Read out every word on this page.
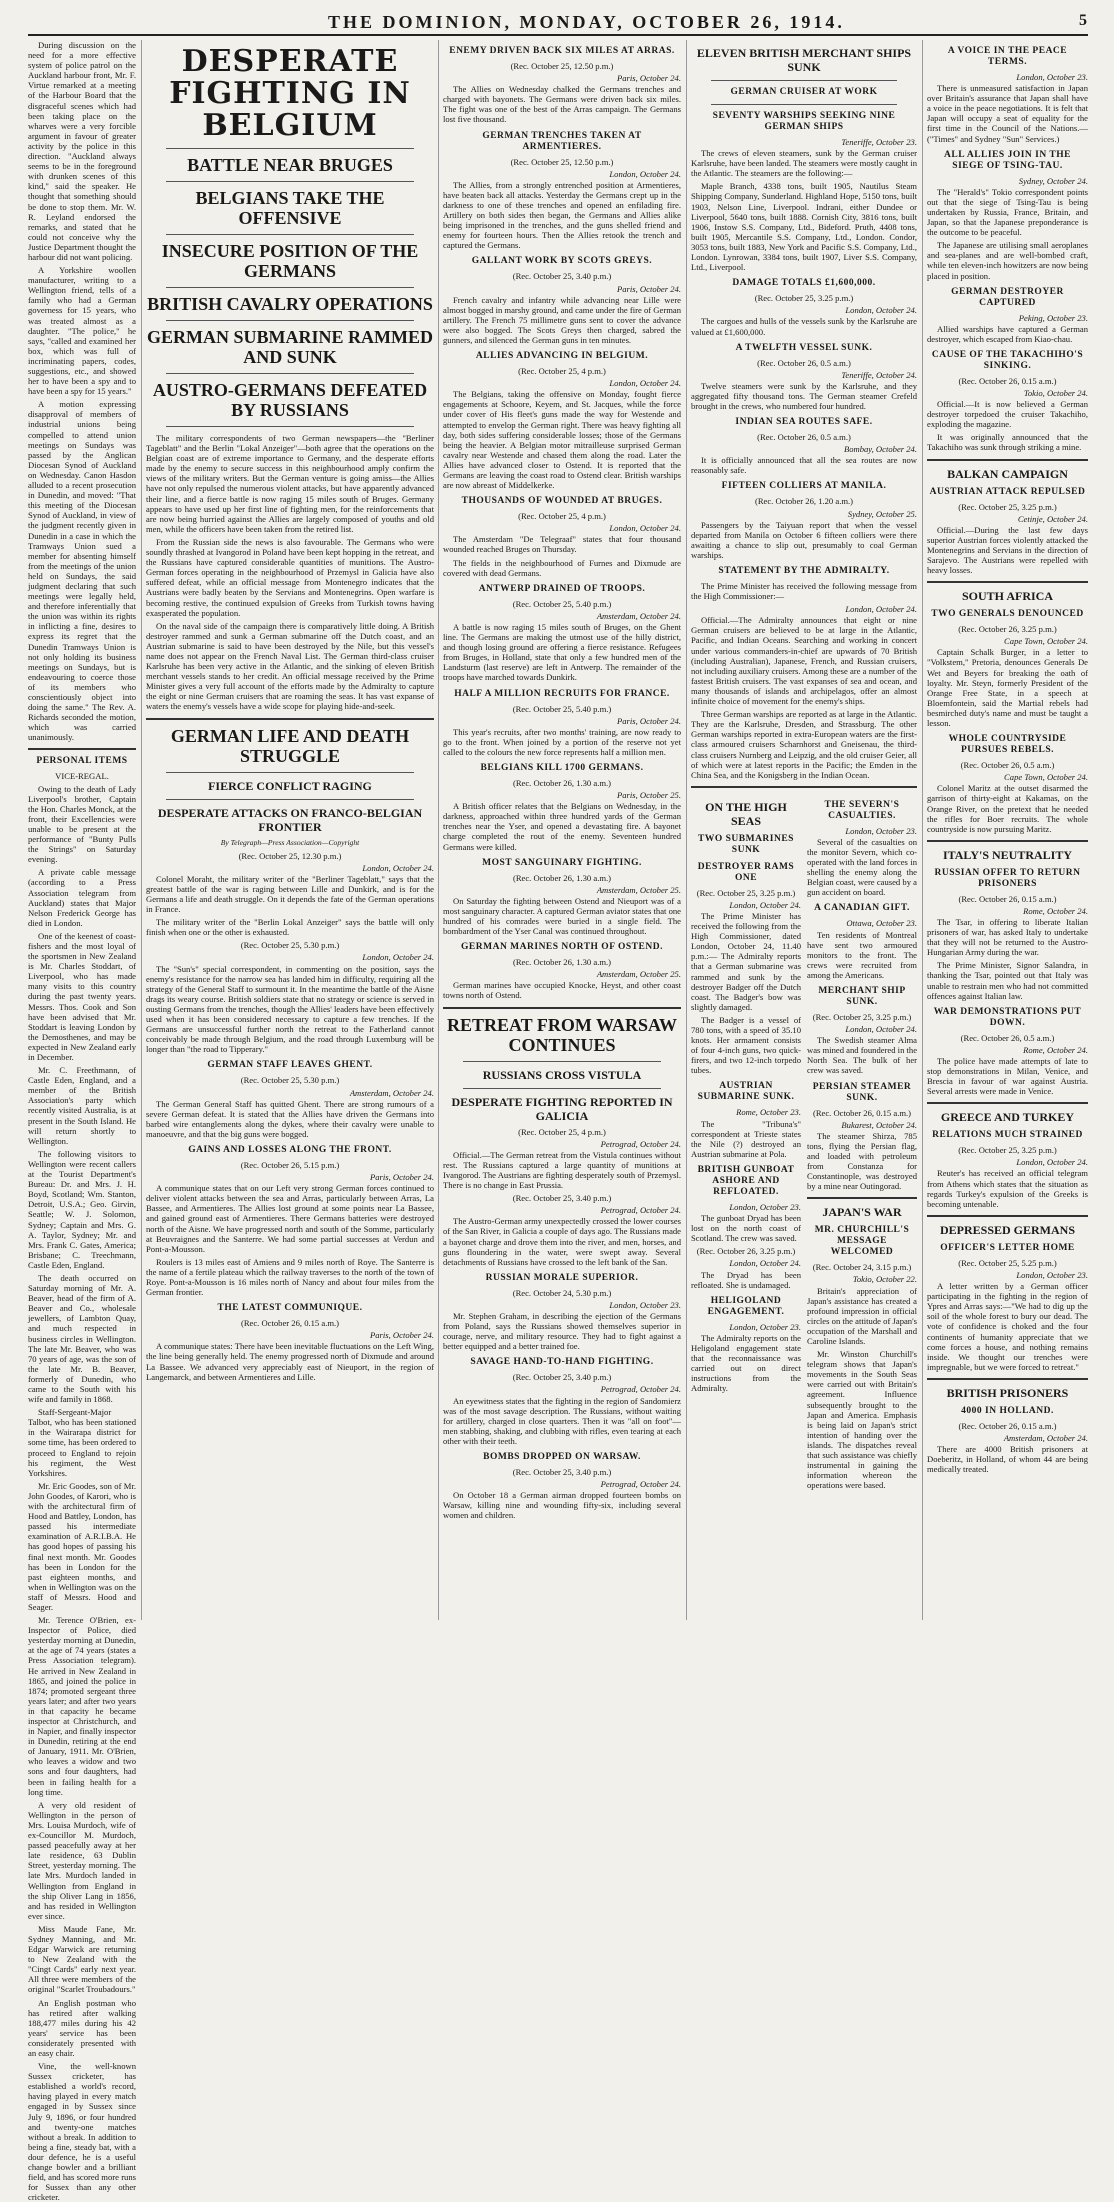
THE DOMINION, MONDAY, OCTOBER 26, 1914.	5

During discussion on the need for a more effective system of police patrol on the Auckland harbour front, Mr. F. Virtue remarked at a meeting of the Harbour Board that the disgraceful scenes which had been taking place on the wharves were a very forcible argument in favour of greater activity by the police in this direction. "Auckland always seems to be in the foreground with drunken scenes of this kind," said the speaker. He thought that something should be done to stop them. Mr. W. R. Leyland endorsed the remarks, and stated that he could not conceive why the Justice Department thought the harbour did not want policing.

A Yorkshire woollen manufacturer, writing to a Wellington friend, tells of a family who had a German governess for 15 years, who was treated almost as a daughter. "The police," he says, "called and examined her box, which was full of incriminating papers, codes, suggestions, etc., and showed her to have been a spy and to have been a spy for 15 years."

A motion expressing disapproval of members of industrial unions being compelled to attend union meetings on Sundays was passed by the Anglican Diocesan Synod of Auckland on Wednesday. Canon Hasdon alluded to a recent prosecution in Dunedin, and moved: "That this meeting of the Diocesan Synod of Auckland, in view of the judgment recently given in Dunedin in a case in which the Tramways Union sued a member for absenting himself from the meetings of the union held on Sundays, the said judgment declaring that such meetings were legally held, and therefore inferentially that the union was within its rights in inflicting a fine, desires to express its regret that the Dunedin Tramways Union is not only holding its business meetings on Sundays, but is endeavouring to coerce those of its members who conscientiously object into doing the same." The Rev. A. Richards seconded the motion, which was carried unanimously.

PERSONAL ITEMS
VICE-REGAL.

Owing to the death of Lady Liverpool's brother, Captain the Hon. Charles Monck, at the front, their Excellencies were unable to be present at the performance of "Bunty Pulls the Strings" on Saturday evening.

A private cable message (according to a Press Association telegram from Auckland) states that Major Nelson Frederick George has died in London.

One of the keenest of coast-fishers and the most loyal of the sportsmen in New Zealand is Mr. Charles Stoddart, of Liverpool, who has made many visits to this country during the past twenty years. Messrs. Thos. Cook and Son have been advised that Mr. Stoddart is leaving London by the Demosthenes, and may be expected in New Zealand early in December.

Mr. C. Freethmann, of Castle Eden, England, and a member of the British Association's party which recently visited Australia, is at present in the South Island. He will return shortly to Wellington.

The following visitors to Wellington were recent callers at the Tourist Department's Bureau: Dr. and Mrs. J. H. Boyd, Scotland; Wm. Stanton, Detroit, U.S.A.; Geo. Girvin, Seattle; W. J. Solomon, Sydney; Captain and Mrs. G. A. Taylor, Sydney; Mr. and Mrs. Frank C. Gates, America; Brisbane; C. Treechmann, Castle Eden, England.

The death occurred on Saturday morning of Mr. A. Beaver, head of the firm of A. Beaver and Co., wholesale jewellers, of Lambton Quay, and much respected in business circles in Wellington. The late Mr. Beaver, who was 70 years of age, was the son of the late Mr. B. Beaver, formerly of Dunedin, who came to the South with his wife and family in 1868.

Staff-Sergeant-Major Talbot, who has been stationed in the Wairarapa district for some time, has been ordered to proceed to England to rejoin his regiment, the West Yorkshires.

Mr. Eric Goodes, son of Mr. John Goodes, of Karori, who is with the architectural firm of Hood and Battley, London, has passed his intermediate examination of A.R.I.B.A. He has good hopes of passing his final next month. Mr. Goodes has been in London for the past eighteen months, and when in Wellington was on the staff of Messrs. Hood and Seager.

Mr. Terence O'Brien, ex-Inspector of Police, died yesterday morning at Dunedin, at the age of 74 years (states a Press Association telegram). He arrived in New Zealand in 1865, and joined the police in 1874; promoted sergeant three years later; and after two years in that capacity he became inspector at Christchurch, and in Napier, and finally inspector in Dunedin, retiring at the end of January, 1911. Mr. O'Brien, who leaves a widow and two sons and four daughters, had been in failing health for a long time.

A very old resident of Wellington in the person of Mrs. Louisa Murdoch, wife of ex-Councillor M. Murdoch, passed peacefully away at her late residence, 63 Dublin Street, yesterday morning. The late Mrs. Murdoch landed in Wellington from England in the ship Oliver Lang in 1856, and has resided in Wellington ever since.

Miss Maude Fane, Mr. Sydney Manning, and Mr. Edgar Warwick are returning to New Zealand with the "Cingt Cards" early next year. All three were members of the original "Scarlet Troubadours."

An English postman who has retired after walking 188,477 miles during his 42 years' service has been considerately presented with an easy chair.

Vine, the well-known Sussex cricketer, has established a world's record, having played in every match engaged in by Sussex since July 9, 1896, or four hundred and twenty-one matches without a break. In addition to being a fine, steady bat, with a dour defence, he is a useful change bowler and a brilliant field, and has scored more runs for Sussex than any other cricketer.

DESPERATE FIGHTING IN BELGIUM
BATTLE NEAR BRUGES
BELGIANS TAKE THE OFFENSIVE
INSECURE POSITION OF THE GERMANS
BRITISH CAVALRY OPERATIONS
GERMAN SUBMARINE RAMMED AND SUNK
AUSTRO-GERMANS DEFEATED BY RUSSIANS

The military correspondents of two German newspapers—the "Berliner Tageblatt" and the Berlin "Lokal Anzeiger"—both agree that the operations on the Belgian coast are of extreme importance to Germany, and the desperate efforts made by the enemy to secure success in this neighbourhood amply confirm the views of the military writers. But the German venture is going amiss—the Allies have not only repulsed the numerous violent attacks, but have apparently advanced their line, and a fierce battle is now raging 15 miles south of Bruges. Germany appears to have used up her first line of fighting men, for the reinforcements that are now being hurried against the Allies are largely composed of youths and old men, while the officers have been taken from the retired list.

From the Russian side the news is also favourable. The Germans who were soundly thrashed at Ivangorod in Poland have been kept hopping in the retreat, and the Russians have captured considerable quantities of munitions. The Austro-German forces operating in the neighbourhood of Przemysl in Galicia have also suffered defeat, while an official message from Montenegro indicates that the Austrians were badly beaten by the Servians and Montenegrins. Open warfare is becoming restive, the continued expulsion of Greeks from Turkish towns having exasperated the population.

On the naval side of the campaign there is comparatively little doing. A British destroyer rammed and sunk a German submarine off the Dutch coast, and an Austrian submarine is said to have been destroyed by the Nile, but this vessel's name does not appear on the French Naval List. The German third-class cruiser Karlsruhe has been very active in the Atlantic, and the sinking of eleven British merchant vessels stands to her credit. An official message received by the Prime Minister gives a very full account of the efforts made by the Admiralty to capture the eight or nine German cruisers that are roaming the seas. It has vast expanse of waters the enemy's vessels have a wide scope for playing hide-and-seek.

GERMAN LIFE AND DEATH STRUGGLE
FIERCE CONFLICT RAGING
DESPERATE ATTACKS ON FRANCO-BELGIAN FRONTIER
By Telegraph—Press Association—Copyright
(Rec. October 25, 12.30 p.m.)
London, October 24.

Colonel Moraht, the military writer of the "Berliner Tageblatt," says that the greatest battle of the war is raging between Lille and Dunkirk, and is for the Germans a life and death struggle. On it depends the fate of the German operations in France.

The military writer of the "Berlin Lokal Anzeiger" says the battle will only finish when one or the other is exhausted.

(Rec. October 25, 5.30 p.m.)
London, October 24.

The "Sun's" special correspondent, in commenting on the position, says the enemy's resistance for the narrow sea has landed him in difficulty, requiring all the strategy of the General Staff to surmount it. In the meantime the battle of the Aisne drags its weary course. British soldiers state that no strategy or science is served in ousting Germans from the trenches, though the Allies' leaders have been effectively used when it has been considered necessary to capture a few trenches. If the Germans are unsuccessful further north the retreat to the Fatherland cannot conceivably be made through Belgium, and the road through Luxemburg will be longer than "the road to Tipperary."

GERMAN STAFF LEAVES GHENT.
(Rec. October 25, 5.30 p.m.)
Amsterdam, October 24.

The German General Staff has quitted Ghent. There are strong rumours of a severe German defeat. It is stated that the Allies have driven the Germans into barbed wire entanglements along the dykes, where their cavalry were unable to manoeuvre, and that the big guns were bogged.

GAINS AND LOSSES ALONG THE FRONT.
(Rec. October 26, 5.15 p.m.)
Paris, October 24.

A communique states that on our Left very strong German forces continued to deliver violent attacks between the sea and Arras, particularly between Arras, La Bassee, and Armentieres. The Allies lost ground at some points near La Bassee, and gained ground east of Armentieres. There Germans batteries were destroyed north of the Aisne. We have progressed north and south of the Somme, particularly at Beuvraignes and the Santerre. We had some partial successes at Verdun and Pont-a-Mousson.

Roulers is 13 miles east of Amiens and 9 miles north of Roye. The Santerre is the name of a fertile plateau which the railway traverses to the north of the town of Roye. Pont-a-Mousson is 16 miles north of Nancy and about four miles from the German frontier.

THE LATEST COMMUNIQUE.
(Rec. October 26, 0.15 a.m.)
Paris, October 24.

A communique states: There have been inevitable fluctuations on the Left Wing, the line being generally held. The enemy progressed north of Dixmude and around La Bassee. We advanced very appreciably east of Nieuport, in the region of Langemarck, and between Armentieres and Lille.

ENEMY DRIVEN BACK SIX MILES AT ARRAS.
(Rec. October 25, 12.50 p.m.)
Paris, October 24.

The Allies on Wednesday chalked the Germans trenches and charged with bayonets. The Germans were driven back six miles. The fight was one of the best of the Arras campaign. The Germans lost five thousand.

GERMAN TRENCHES TAKEN AT ARMENTIERES.
(Rec. October 25, 12.50 p.m.)
London, October 24.

The Allies, from a strongly entrenched position at Armentieres, have beaten back all attacks. Yesterday the Germans crept up in the darkness to one of these trenches and opened an enfilading fire. Artillery on both sides then began, the Germans and Allies alike being imprisoned in the trenches, and the guns shelled friend and enemy for fourteen hours. Then the Allies retook the trench and captured the Germans.

GALLANT WORK BY SCOTS GREYS.
(Rec. October 25, 3.40 p.m.)
Paris, October 24.

French cavalry and infantry while advancing near Lille were almost bogged in marshy ground, and came under the fire of German artillery. The French 75 millimetre guns sent to cover the advance were also bogged. The Scots Greys then charged, sabred the gunners, and silenced the German guns in ten minutes.

ALLIES ADVANCING IN BELGIUM.
(Rec. October 25, 4 p.m.)
London, October 24.

The Belgians, taking the offensive on Monday, fought fierce engagements at Schoore, Keyem, and St. Jacques, while the force under cover of His fleet's guns made the way for Westende and attempted to envelop the German right. There was heavy fighting all day, both sides suffering considerable losses; those of the Germans being the heavier. A Belgian motor mitrailleuse surprised German cavalry near Westende and chased them along the road. Later the Allies have advanced closer to Ostend. It is reported that the Germans are leaving the coast road to Ostend clear. British warships are now abreast of Middelkerke.

THOUSANDS OF WOUNDED AT BRUGES.
(Rec. October 25, 4 p.m.)
London, October 24.

The Amsterdam "De Telegraaf" states that four thousand wounded reached Bruges on Thursday.

The fields in the neighbourhood of Furnes and Dixmude are covered with dead Germans.

ANTWERP DRAINED OF TROOPS.
(Rec. October 25, 5.40 p.m.)
Amsterdam, October 24.

A battle is now raging 15 miles south of Bruges, on the Ghent line. The Germans are making the utmost use of the hilly district, and though losing ground are offering a fierce resistance. Refugees from Bruges, in Holland, state that only a few hundred men of the Landsturm (last reserve) are left in Antwerp. The remainder of the troops have marched towards Dunkirk.

HALF A MILLION RECRUITS FOR FRANCE.
(Rec. October 25, 5.40 p.m.)
Paris, October 24.

This year's recruits, after two months' training, are now ready to go to the front. When joined by a portion of the reserve not yet called to the colours the new force represents half a million men.

BELGIANS KILL 1700 GERMANS.
(Rec. October 26, 1.30 a.m.)
Paris, October 25.

A British officer relates that the Belgians on Wednesday, in the darkness, approached within three hundred yards of the German trenches near the Yser, and opened a devastating fire. A bayonet charge completed the rout of the enemy. Seventeen hundred Germans were killed.

MOST SANGUINARY FIGHTING.
(Rec. October 26, 1.30 a.m.)
Amsterdam, October 25.

On Saturday the fighting between Ostend and Nieuport was of a most sanguinary character. A captured German aviator states that one hundred of his comrades were buried in a single field. The bombardment of the Yser Canal was continued throughout.

GERMAN MARINES NORTH OF OSTEND.
(Rec. October 26, 1.30 a.m.)
Amsterdam, October 25.

German marines have occupied Knocke, Heyst, and other coast towns north of Ostend.

RETREAT FROM WARSAW CONTINUES
RUSSIANS CROSS VISTULA
DESPERATE FIGHTING REPORTED IN GALICIA
(Rec. October 25, 4 p.m.)
Petrograd, October 24.

Official.—The German retreat from the Vistula continues without rest. The Russians captured a large quantity of munitions at Ivangorod. The Austrians are fighting desperately south of Przemysl. There is no change in East Prussia.

(Rec. October 25, 3.40 p.m.)
Petrograd, October 24.

The Austro-German army unexpectedly crossed the lower courses of the San River, in Galicia a couple of days ago. The Russians made a bayonet charge and drove them into the river, and men, horses, and guns floundering in the water, were swept away. Several detachments of Russians have crossed to the left bank of the San.

RUSSIAN MORALE SUPERIOR.
(Rec. October 24, 5.30 p.m.)
London, October 23.

Mr. Stephen Graham, in describing the ejection of the Germans from Poland, says the Russians showed themselves superior in courage, nerve, and military resource. They had to fight against a better equipped and a better trained foe.

SAVAGE HAND-TO-HAND FIGHTING.
(Rec. October 25, 3.40 p.m.)
Petrograd, October 24.

An eyewitness states that the fighting in the region of Sandomierz was of the most savage description. The Russians, without waiting for artillery, charged in close quarters. Then it was "all on foot"—men stabbing, shaking, and clubbing with rifles, even tearing at each other with their teeth.

BOMBS DROPPED ON WARSAW.
(Rec. October 25, 3.40 p.m.)
Petrograd, October 24.

On October 18 a German airman dropped fourteen bombs on Warsaw, killing nine and wounding fifty-six, including several women and children.

ELEVEN BRITISH MERCHANT SHIPS SUNK
GERMAN CRUISER AT WORK
SEVENTY WARSHIPS SEEKING NINE GERMAN SHIPS
Teneriffe, October 23.

The crews of eleven steamers, sunk by the German cruiser Karlsruhe, have been landed. The steamers were mostly caught in the Atlantic. The steamers are the following:—

Maple Branch, 4338 tons, built 1905, Nautilus Steam Shipping Company, Sunderland. Highland Hope, 5150 tons, built 1903, Nelson Line, Liverpool. Indrani, either Dundee or Liverpool, 5640 tons, built 1888. Cornish City, 3816 tons, built 1906, Instow S.S. Company, Ltd., Bideford. Pruth, 4408 tons, built 1905, Mercantile S.S. Company, Ltd., London. Condor, 3053 tons, built 1883, New York and Pacific S.S. Company, Ltd., London. Lynrowan, 3384 tons, built 1907, Liver S.S. Company, Ltd., Liverpool.

DAMAGE TOTALS £1,600,000.
(Rec. October 25, 3.25 p.m.)
London, October 24.

The cargoes and hulls of the vessels sunk by the Karlsruhe are valued at £1,600,000.

A TWELFTH VESSEL SUNK.
(Rec. October 26, 0.5 a.m.)
Teneriffe, October 24.

Twelve steamers were sunk by the Karlsruhe, and they aggregated fifty thousand tons. The German steamer Crefeld brought in the crews, who numbered four hundred.

INDIAN SEA ROUTES SAFE.
(Rec. October 26, 0.5 a.m.)
Bombay, October 24.

It is officially announced that all the sea routes are now reasonably safe.

FIFTEEN COLLIERS AT MANILA.
(Rec. October 26, 1.20 a.m.)
Sydney, October 25.

Passengers by the Taiyuan report that when the vessel departed from Manila on October 6 fifteen colliers were there awaiting a chance to slip out, presumably to coal German warships.

STATEMENT BY THE ADMIRALTY.

The Prime Minister has received the following message from the High Commissioner:—

London, October 24.

Official.—The Admiralty announces that eight or nine German cruisers are believed to be at large in the Atlantic, Pacific, and Indian Oceans. Searching and working in concert under various commanders-in-chief are upwards of 70 British (including Australian), Japanese, French, and Russian cruisers, not including auxiliary cruisers. Among these are a number of the fastest British cruisers. The vast expanses of sea and ocean, and many thousands of islands and archipelagos, offer an almost infinite choice of movement for the enemy's ships.

Three German warships are reported as at large in the Atlantic. They are the Karlsruhe, Dresden, and Strassburg. The other German warships reported in extra-European waters are the first-class armoured cruisers Scharnhorst and Gneisenau, the third-class cruisers Nurnberg and Leipzig, and the old cruiser Geier, all of which were at latest reports in the Pacific; the Emden in the China Sea, and the Konigsberg in the Indian Ocean.

ON THE HIGH SEAS
TWO SUBMARINES SUNK
DESTROYER RAMS ONE
(Rec. October 25, 3.25 p.m.)
London, October 24.

The Prime Minister has received the following from the High Commissioner, dated London, October 24, 11.40 p.m.:— The Admiralty reports that a German submarine was rammed and sunk by the destroyer Badger off the Dutch coast. The Badger's bow was slightly damaged.

The Badger is a vessel of 780 tons, with a speed of 35.10 knots. Her armament consists of four 4-inch guns, two quick-firers, and two 12-inch torpedo tubes.

AUSTRIAN SUBMARINE SUNK.
Rome, October 23.

The "Tribuna's" correspondent at Trieste states the Nile (?) destroyed an Austrian submarine at Pola.

BRITISH GUNBOAT ASHORE AND REFLOATED.
London, October 23.

The gunboat Dryad has been lost on the north coast of Scotland. The crew was saved.

(Rec. October 26, 3.25 p.m.)
London, October 24.

The Dryad has been refloated. She is undamaged.

HELIGOLAND ENGAGEMENT.
London, October 23.

The Admiralty reports on the Heligoland engagement state that the reconnaissance was carried out on direct instructions from the Admiralty.

THE SEVERN'S CASUALTIES.
London, October 23.

Several of the casualties on the monitor Severn, which co-operated with the land forces in shelling the enemy along the Belgian coast, were caused by a gun accident on board.

A CANADIAN GIFT.
Ottawa, October 23.

Ten residents of Montreal have sent two armoured monitors to the front. The crews were recruited from among the Americans.

MERCHANT SHIP SUNK.
(Rec. October 25, 3.25 p.m.)
London, October 24.

The Swedish steamer Alma was mined and foundered in the North Sea. The bulk of her crew was saved.

PERSIAN STEAMER SUNK.
(Rec. October 26, 0.15 a.m.)
Bukarest, October 24.

The steamer Shirza, 785 tons, flying the Persian flag, and loaded with petroleum from Constanza for Constantinople, was destroyed by a mine near Outingorad.

JAPAN'S WAR
MR. CHURCHILL'S MESSAGE WELCOMED
(Rec. October 24, 3.15 p.m.)
Tokio, October 22.

Britain's appreciation of Japan's assistance has created a profound impression in official circles on the attitude of Japan's occupation of the Marshall and Caroline Islands.

Mr. Winston Churchill's telegram shows that Japan's movements in the South Seas were carried out with Britain's agreement. Influence subsequently brought to the Japan and America. Emphasis is being laid on Japan's strict intention of handing over the islands. The dispatches reveal that such assistance was chiefly instrumental in gaining the information whereon the operations were based.

A VOICE IN THE PEACE TERMS.
London, October 23.

There is unmeasured satisfaction in Japan over Britain's assurance that Japan shall have a voice in the peace negotiations. It is felt that Japan will occupy a seat of equality for the first time in the Council of the Nations.—("Times" and Sydney "Sun" Services.)

ALL ALLIES JOIN IN THE SIEGE OF TSING-TAU.
Sydney, October 24.

The "Herald's" Tokio correspondent points out that the siege of Tsing-Tau is being undertaken by Russia, France, Britain, and Japan, so that the Japanese preponderance is the outcome to be peaceful.

The Japanese are utilising small aeroplanes and sea-planes and are well-bombed craft, while ten eleven-inch howitzers are now being placed in position.

GERMAN DESTROYER CAPTURED
Peking, October 23.

Allied warships have captured a German destroyer, which escaped from Kiao-chau.

CAUSE OF THE TAKACHIHO'S SINKING.
(Rec. October 26, 0.15 a.m.)
Tokio, October 24.

Official.—It is now believed a German destroyer torpedoed the cruiser Takachiho, exploding the magazine.

It was originally announced that the Takachiho was sunk through striking a mine.

BALKAN CAMPAIGN
AUSTRIAN ATTACK REPULSED
(Rec. October 25, 3.25 p.m.)
Cetinje, October 24.

Official.—During the last few days superior Austrian forces violently attacked the Montenegrins and Servians in the direction of Sarajevo. The Austrians were repelled with heavy losses.

SOUTH AFRICA
TWO GENERALS DENOUNCED
(Rec. October 26, 3.25 p.m.)
Cape Town, October 24.

Captain Schalk Burger, in a letter to "Volkstem," Pretoria, denounces Generals De Wet and Beyers for breaking the oath of loyalty. Mr. Steyn, formerly President of the Orange Free State, in a speech at Bloemfontein, said the Martial rebels had besmirched duty's name and must be taught a lesson.

WHOLE COUNTRYSIDE PURSUES REBELS.
(Rec. October 26, 0.5 a.m.)
Cape Town, October 24.

Colonel Maritz at the outset disarmed the garrison of thirty-eight at Kakamas, on the Orange River, on the pretext that he needed the rifles for Boer recruits. The whole countryside is now pursuing Maritz.

ITALY'S NEUTRALITY
RUSSIAN OFFER TO RETURN PRISONERS
(Rec. October 26, 0.15 a.m.)
Rome, October 24.

The Tsar, in offering to liberate Italian prisoners of war, has asked Italy to undertake that they will not be returned to the Austro-Hungarian Army during the war.

The Prime Minister, Signor Salandra, in thanking the Tsar, pointed out that Italy was unable to restrain men who had not committed offences against Italian law.

WAR DEMONSTRATIONS PUT DOWN.
(Rec. October 26, 0.5 a.m.)
Rome, October 24.

The police have made attempts of late to stop demonstrations in Milan, Venice, and Brescia in favour of war against Austria. Several arrests were made in Venice.

GREECE AND TURKEY
RELATIONS MUCH STRAINED
(Rec. October 25, 3.25 p.m.)
London, October 24.

Reuter's has received an official telegram from Athens which states that the situation as regards Turkey's expulsion of the Greeks is becoming untenable.

DEPRESSED GERMANS
OFFICER'S LETTER HOME
(Rec. October 25, 5.25 p.m.)
London, October 23.

A letter written by a German officer participating in the fighting in the region of Ypres and Arras says:—"We had to dig up the soil of the whole forest to bury our dead. The vote of confidence is choked and the four continents of humanity appreciate that we come forces a house, and nothing remains inside. We thought our trenches were impregnable, but we were forced to retreat."

BRITISH PRISONERS
4000 IN HOLLAND.
(Rec. October 26, 0.15 a.m.)
Amsterdam, October 24.

There are 4000 British prisoners at Doeberitz, in Holland, of whom 44 are being medically treated.
